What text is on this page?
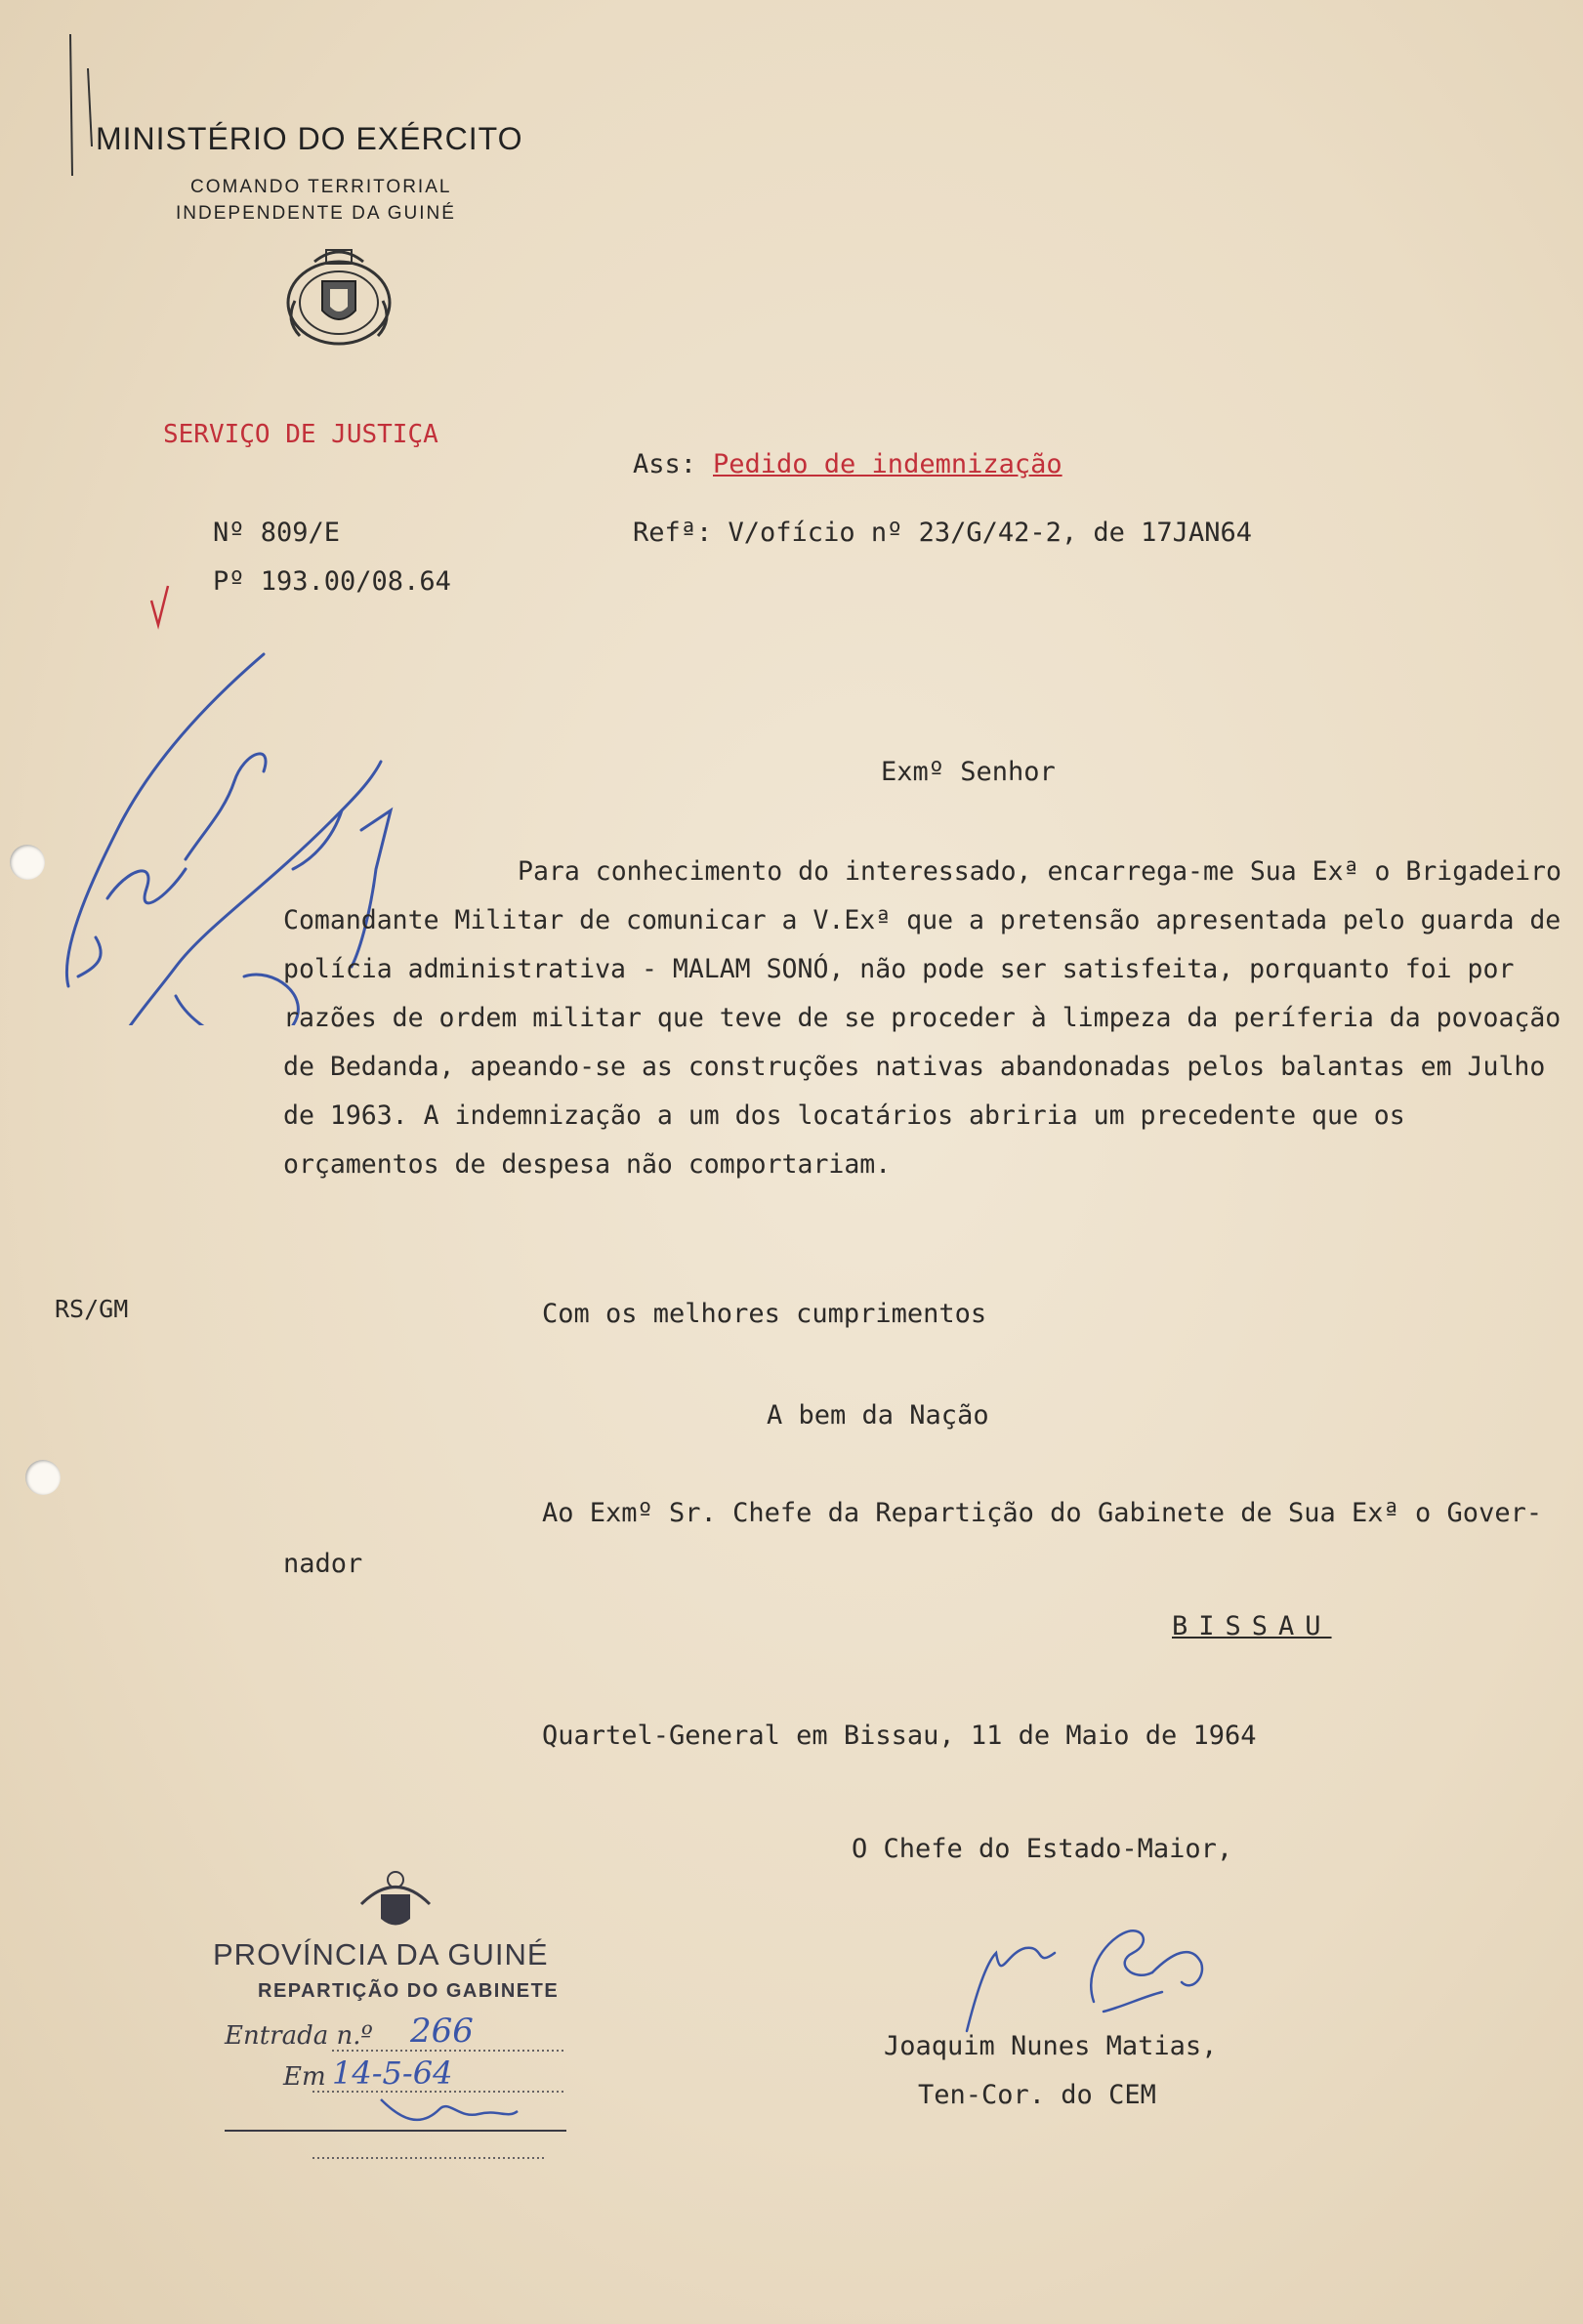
MINISTÉRIO DO EXÉRCITO
COMANDO TERRITORIAL
INDEPENDENTE DA GUINÉ
SERVIÇO DE JUSTIÇA
Ass: Pedido de indemnização
Nº 809/E
Pº 193.00/08.64
Refª: V/ofício nº 23/G/42-2, de 17JAN64
Exmº Senhor

Para conhecimento do interessado, encarrega-me Sua Exª o Brigadeiro Comandante Militar de comunicar a V.Exª que a pretensão apresentada pelo guarda de polícia administrativa - MALAM SONÓ, não pode ser satisfeita, porquanto foi por razões de ordem militar que teve de se proceder à limpeza da períferia da povoação de Bedanda, apeando-se as construções nativas abandonadas pelos balantas em Julho de 1963. A indemnização a um dos locatários abriria um precedente que os orçamentos de despesa não comportariam.

RS/GM	Com os melhores cumprimentos
A bem da Nação
Ao Exmº Sr. Chefe da Repartição do Gabinete de Sua Exª o Gover-
nador
BISSAU
Quartel-General em Bissau, 11 de Maio de 1964
O Chefe do Estado-Maior,
Joaquim Nunes Matias,
Ten-Cor. do CEM
PROVÍNCIA DA GUINÉ
REPARTIÇÃO DO GABINETE
Entrada n.º 266
Em 14-5-64
